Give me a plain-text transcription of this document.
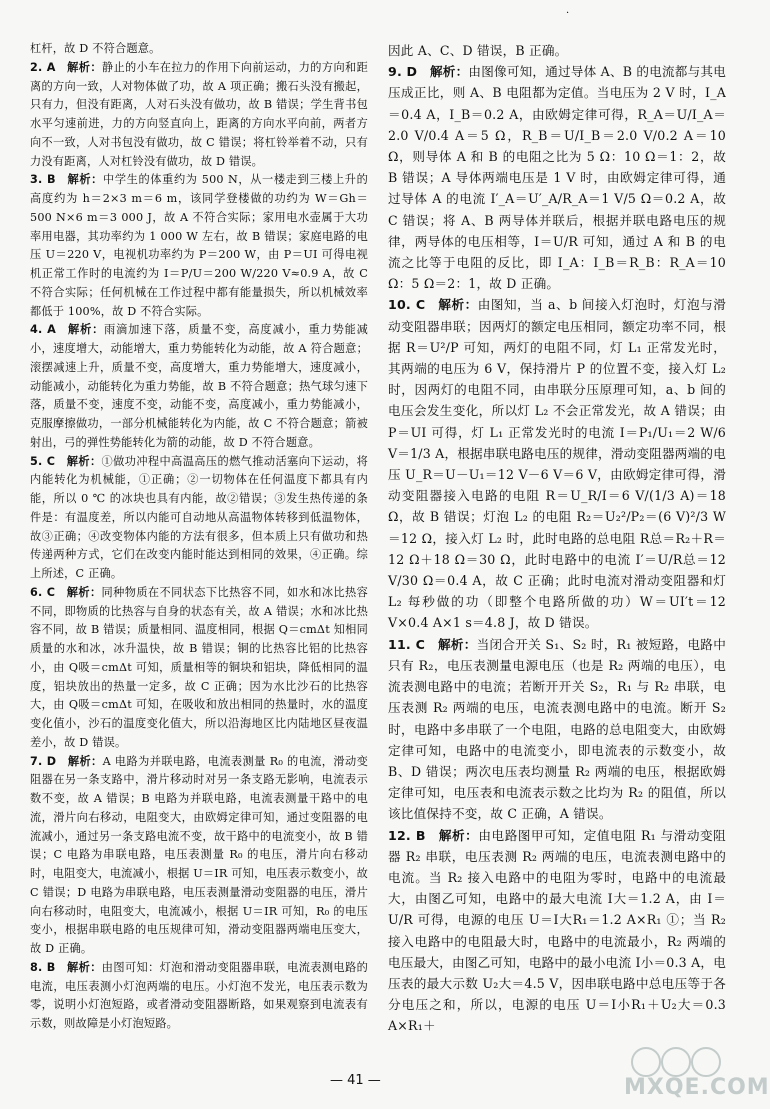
·

杠杆，故 D 不符合题意。

2. A  解析：静止的小车在拉力的作用下向前运动，力的方向和距离的方向一致，人对物体做了功，故 A 项正确；搬石头没有搬起，只有力，但没有距离，人对石头没有做功，故 B 错误；学生背书包水平匀速前进，力的方向竖直向上，距离的方向水平向前，两者方向不一致，人对书包没有做功，故 C 错误；将杠铃举着不动，只有力没有距离，人对杠铃没有做功，故 D 错误。

3. B  解析：中学生的体重约为 500 N，从一楼走到三楼上升的高度约为 h＝2×3 m＝6 m，该同学登楼做的功约为 W＝Gh＝500 N×6 m＝3 000 J，故 A 不符合实际；家用电水壶属于大功率用电器，其功率约为 1 000 W 左右，故 B 错误；家庭电路的电压 U＝220 V，电视机功率约为 P＝200 W，由 P＝UI 可得电视机正常工作时的电流约为 I＝P/U＝200 W/220 V≈0.9 A，故 C 不符合实际；任何机械在工作过程中都有能量损失，所以机械效率都低于 100%，故 D 不符合实际。

4. A  解析：雨滴加速下落，质量不变，高度减小，重力势能减小，速度增大，动能增大，重力势能转化为动能，故 A 符合题意；滚摆减速上升，质量不变，高度增大，重力势能增大，速度减小，动能减小，动能转化为重力势能，故 B 不符合题意；热气球匀速下落，质量不变，速度不变，动能不变，高度减小，重力势能减小，克服摩擦做功，一部分机械能转化为内能，故 C 不符合题意；箭被射出，弓的弹性势能转化为箭的动能，故 D 不符合题意。

5. C  解析：①做功冲程中高温高压的燃气推动活塞向下运动，将内能转化为机械能，①正确；②一切物体在任何温度下都具有内能，所以 0 ℃ 的冰块也具有内能，故②错误；③发生热传递的条件是：有温度差，所以内能可自动地从高温物体转移到低温物体，故③正确；④改变物体内能的方法有很多，但本质上只有做功和热传递两种方式，它们在改变内能时能达到相同的效果，④正确。综上所述，C 正确。

6. C  解析：同种物质在不同状态下比热容不同，如水和冰比热容不同，即物质的比热容与自身的状态有关，故 A 错误；水和冰比热容不同，故 B 错误；质量相同、温度相同，根据 Q＝cmΔt 知相同质量的水和冰，冰升温快，故 B 错误；铜的比热容比铝的比热容小，由 Q吸＝cmΔt 可知，质量相等的铜块和铝块，降低相同的温度，铝块放出的热量一定多，故 C 正确；因为水比沙石的比热容大，由 Q吸＝cmΔt 可知，在吸收和放出相同的热量时，水的温度变化值小，沙石的温度变化值大，所以沿海地区比内陆地区昼夜温差小，故 D 错误。

7. D  解析：A 电路为并联电路，电流表测量 R₀ 的电流，滑动变阻器在另一条支路中，滑片移动时对另一条支路无影响，电流表示数不变，故 A 错误；B 电路为并联电路，电流表测量干路中的电流，滑片向右移动，电阻变大，由欧姆定律可知，通过变阻器的电流减小，通过另一条支路电流不变，故干路中的电流变小，故 B 错误；C 电路为串联电路，电压表测量 R₀ 的电压，滑片向右移动时，电阻变大，电流减小，根据 U＝IR 可知，电压表示数变小，故 C 错误；D 电路为串联电路，电压表测量滑动变阻器的电压，滑片向右移动时，电阻变大，电流减小，根据 U＝IR 可知，R₀ 的电压变小，根据串联电路的电压规律可知，滑动变阻器两端电压变大，故 D 正确。

8. B  解析：由图可知：灯泡和滑动变阻器串联，电流表测电路的电流，电压表测小灯泡两端的电压。小灯泡不发光，电压表示数为零，说明小灯泡短路，或者滑动变阻器断路，如果观察到电流表有示数，则故障是小灯泡短路。

因此 A、C、D 错误，B 正确。

9. D  解析：由图像可知，通过导体 A、B 的电流都与其电压成正比，则 A、B 电阻都为定值。当电压为 2 V 时，I_A＝0.4 A，I_B＝0.2 A，由欧姆定律可得，R_A＝U/I_A＝2.0 V/0.4 A＝5 Ω，R_B＝U/I_B＝2.0 V/0.2 A＝10 Ω，则导体 A 和 B 的电阻之比为 5 Ω：10 Ω＝1：2，故 B 错误；A 导体两端电压是 1 V 时，由欧姆定律可得，通过导体 A 的电流 I′_A＝U′_A/R_A＝1 V/5 Ω＝0.2 A，故 C 错误；将 A、B 两导体并联后，根据并联电路电压的规律，两导体的电压相等，I＝U/R 可知，通过 A 和 B 的电流之比等于电阻的反比，即 I_A：I_B＝R_B：R_A＝10 Ω：5 Ω＝2：1，故 D 正确。

10. C  解析：由图知，当 a、b 间接入灯泡时，灯泡与滑动变阻器串联；因两灯的额定电压相同，额定功率不同，根据 R＝U²/P 可知，两灯的电阻不同，灯 L₁ 正常发光时，其两端的电压为 6 V，保持滑片 P 的位置不变，接入灯 L₂ 时，因两灯的电阻不同，由串联分压原理可知，a、b 间的电压会发生变化，所以灯 L₂ 不会正常发光，故 A 错误；由 P＝UI 可得，灯 L₁ 正常发光时的电流 I＝P₁/U₁＝2 W/6 V＝1/3 A，根据串联电路电压的规律，滑动变阻器两端的电压 U_R＝U－U₁＝12 V－6 V＝6 V，由欧姆定律可得，滑动变阻器接入电路的电阻 R＝U_R/I＝6 V/(1/3 A)＝18 Ω，故 B 错误；灯泡 L₂ 的电阻 R₂＝U₂²/P₂＝(6 V)²/3 W＝12 Ω，接入灯 L₂ 时，此时电路的总电阻 R总＝R₂＋R＝12 Ω＋18 Ω＝30 Ω，此时电路中的电流 I′＝U/R总＝12 V/30 Ω＝0.4 A，故 C 正确；此时电流对滑动变阻器和灯 L₂ 每秒做的功（即整个电路所做的功）W＝UI′t＝12 V×0.4 A×1 s＝4.8 J，故 D 错误。

11. C  解析：当闭合开关 S₁、S₂ 时，R₁ 被短路，电路中只有 R₂，电压表测量电源电压（也是 R₂ 两端的电压），电流表测电路中的电流；若断开开关 S₂，R₁ 与 R₂ 串联，电压表测 R₂ 两端的电压，电流表测电路中的电流。断开 S₂ 时，电路中多串联了一个电阻，电路的总电阻变大，由欧姆定律可知，电路中的电流变小，即电流表的示数变小，故 B、D 错误；两次电压表均测量 R₂ 两端的电压，根据欧姆定律可知，电压表和电流表示数之比均为 R₂ 的阻值，所以该比值保持不变，故 C 正确，A 错误。

12. B  解析：由电路图甲可知，定值电阻 R₁ 与滑动变阻器 R₂ 串联，电压表测 R₂ 两端的电压，电流表测电路中的电流。当 R₂ 接入电路中的电阻为零时，电路中的电流最大，由图乙可知，电路中的最大电流 I大＝1.2 A，由 I＝U/R 可得，电源的电压 U＝I大R₁＝1.2 A×R₁ ①；当 R₂ 接入电路中的电阻最大时，电路中的电流最小，R₂ 两端的电压最大，由图乙可知，电路中的最小电流 I小＝0.3 A，电压表的最大示数 U₂大＝4.5 V，因串联电路中总电压等于各分电压之和，所以，电源的电压 U＝I小R₁＋U₂大＝0.3 A×R₁＋

— 41 —	MXQE.COM
